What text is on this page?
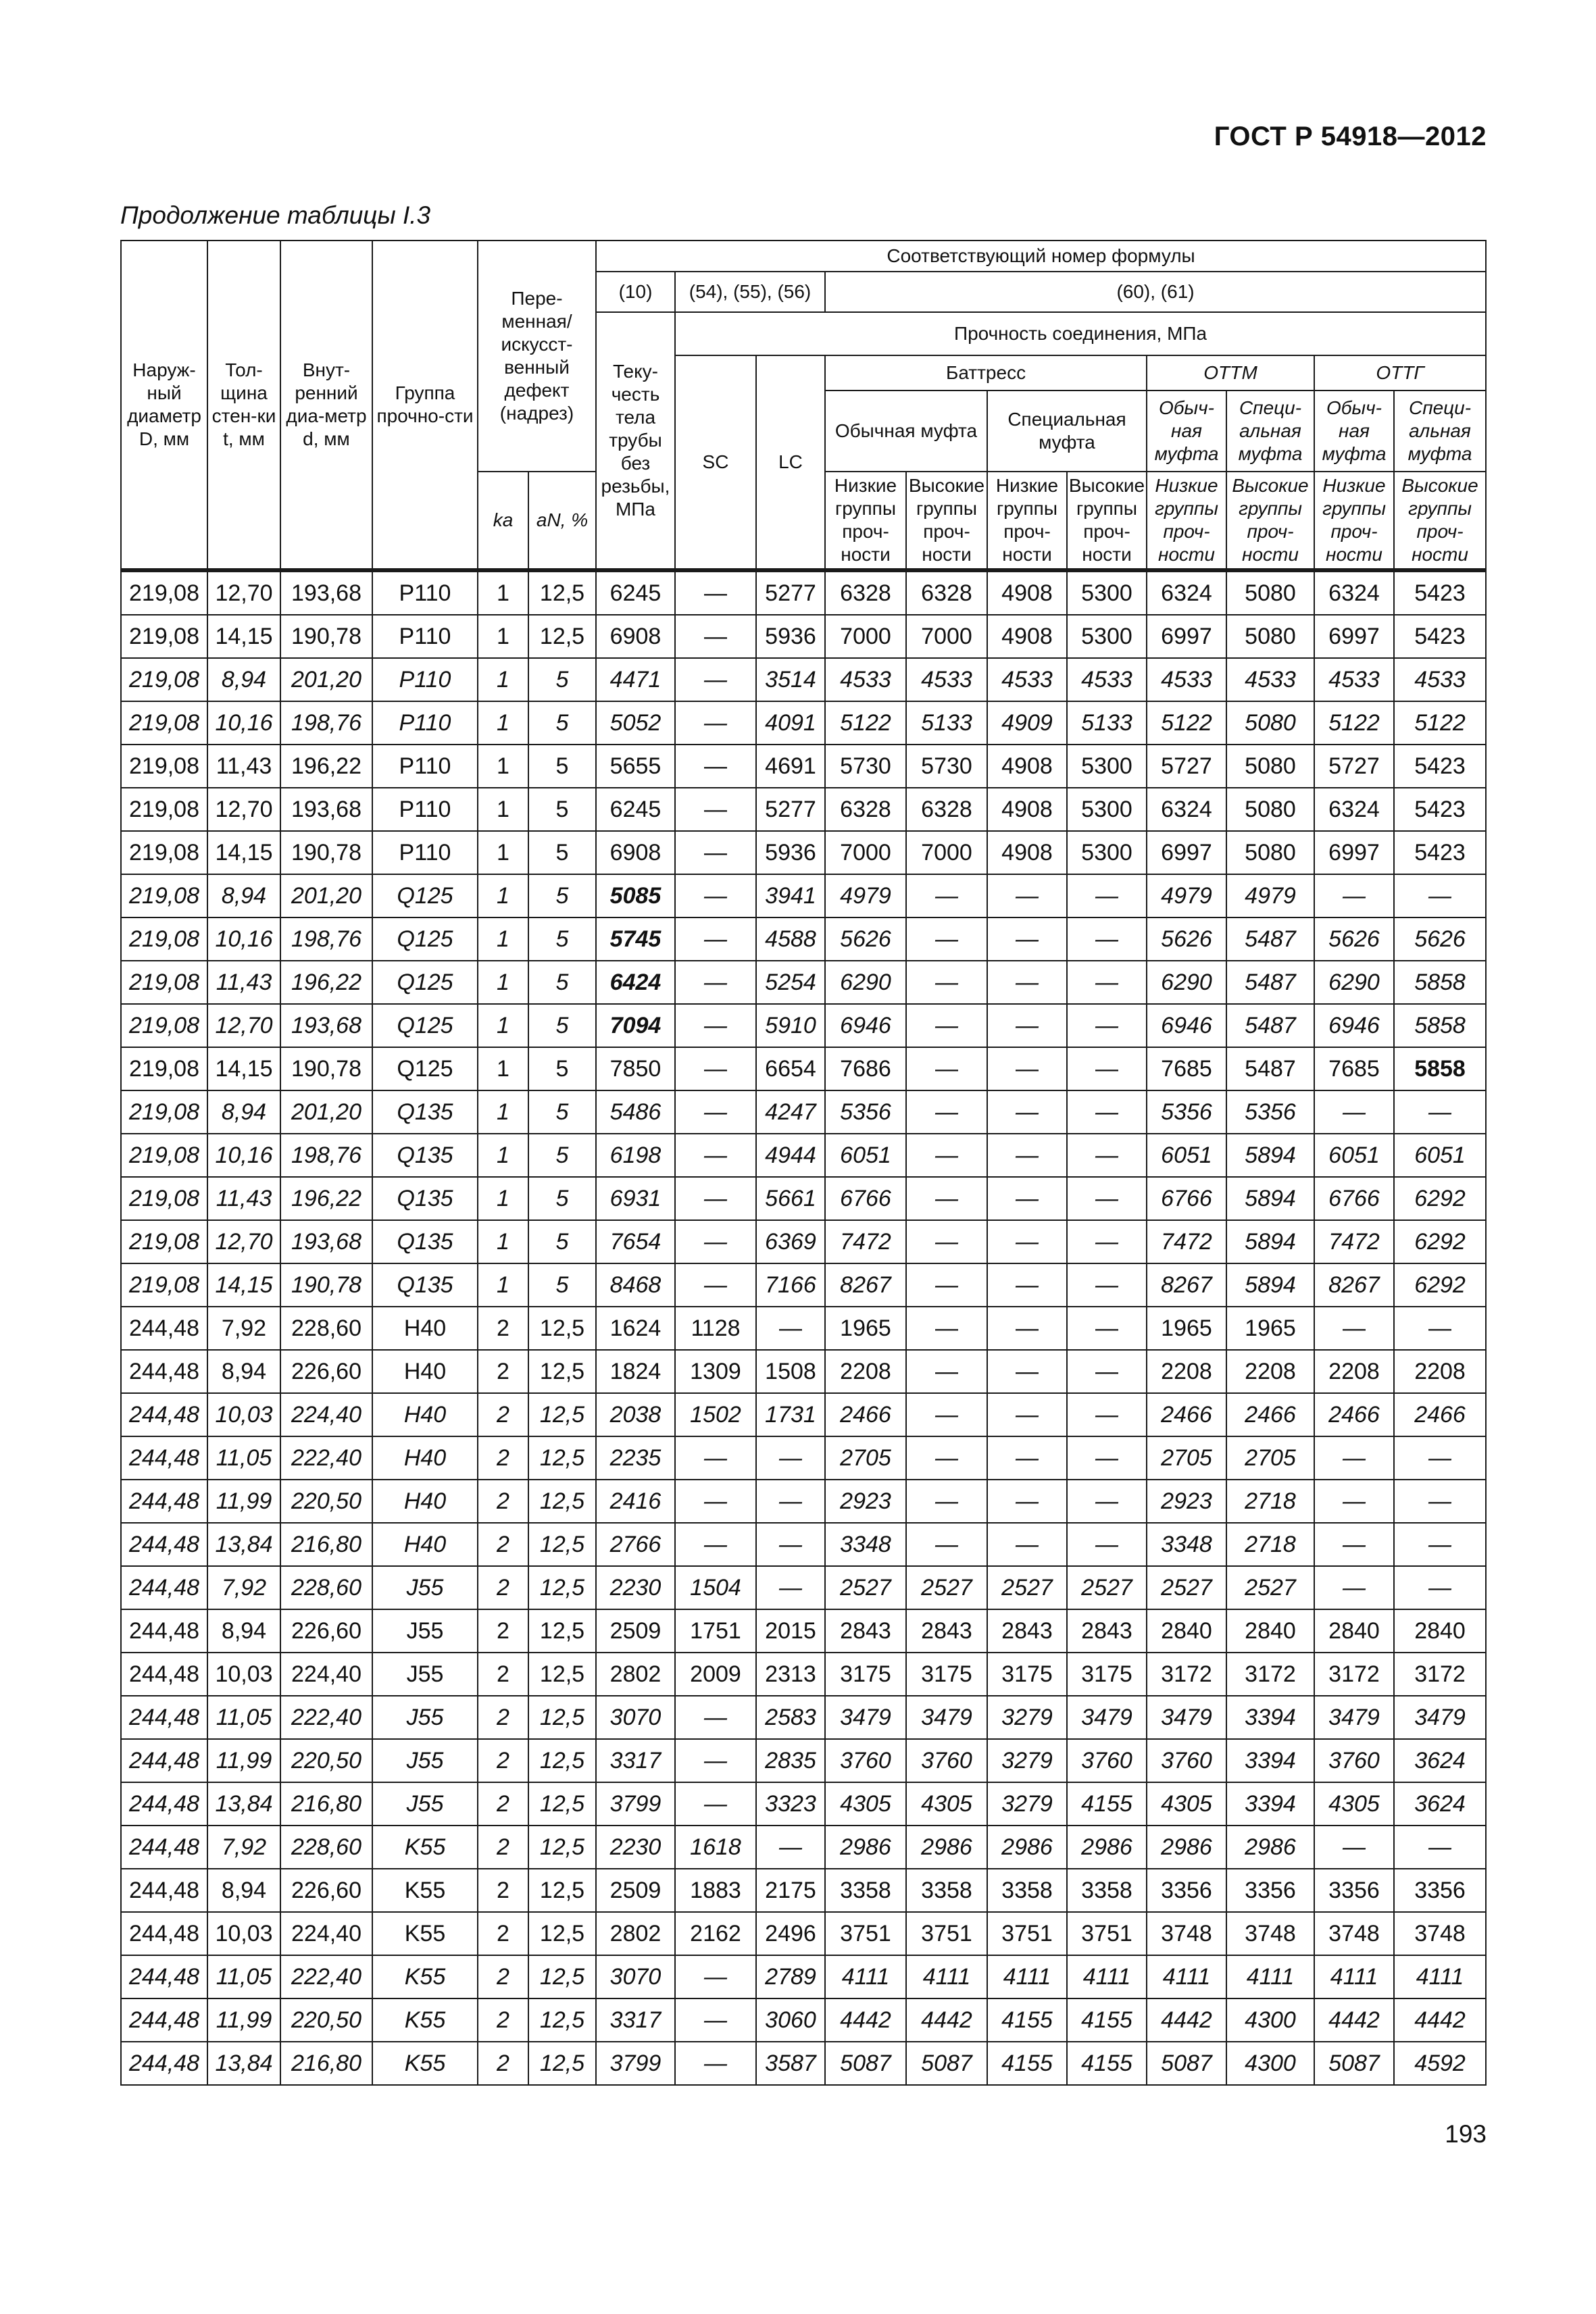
ГОСТ Р 54918—2012
Продолжение таблицы I.3
Наруж-ный диаметр D, мм	Тол-щина стен-ки t, мм	Внут-ренний диа-метр d, мм	Группа прочно-сти	Пере-менная/ искусст-венный дефект (надрез)		Соответствующий номер формулы										
						(10)	(54), (55), (56)		(60), (61)							
						Теку-честь тела трубы без резьбы, МПа	Прочность соединения, МПа									
							SC	LC	Баттресс				ОТТМ		ОТТГ	
									Обычная муфта		Специальная муфта		Обыч-ная муфта	Специ-альная муфта	Обыч-ная муфта	Специ-альная муфта
				ka	aN, %				Низкие группы проч-ности	Высокие группы проч-ности	Низкие группы проч-ности	Высокие группы проч-ности	Низкие группы проч-ности	Высокие группы проч-ности	Низкие группы проч-ности	Высокие группы проч-ности
219,08	12,70	193,68	P110	1	12,5	6245	—	5277	6328	6328	4908	5300	6324	5080	6324	5423
219,08	14,15	190,78	P110	1	12,5	6908	—	5936	7000	7000	4908	5300	6997	5080	6997	5423
219,08	8,94	201,20	P110	1	5	4471	—	3514	4533	4533	4533	4533	4533	4533	4533	4533
219,08	10,16	198,76	P110	1	5	5052	—	4091	5122	5133	4909	5133	5122	5080	5122	5122
219,08	11,43	196,22	P110	1	5	5655	—	4691	5730	5730	4908	5300	5727	5080	5727	5423
219,08	12,70	193,68	P110	1	5	6245	—	5277	6328	6328	4908	5300	6324	5080	6324	5423
219,08	14,15	190,78	P110	1	5	6908	—	5936	7000	7000	4908	5300	6997	5080	6997	5423
219,08	8,94	201,20	Q125	1	5	5085	—	3941	4979	—	—	—	4979	4979	—	—
219,08	10,16	198,76	Q125	1	5	5745	—	4588	5626	—	—	—	5626	5487	5626	5626
219,08	11,43	196,22	Q125	1	5	6424	—	5254	6290	—	—	—	6290	5487	6290	5858
219,08	12,70	193,68	Q125	1	5	7094	—	5910	6946	—	—	—	6946	5487	6946	5858
219,08	14,15	190,78	Q125	1	5	7850	—	6654	7686	—	—	—	7685	5487	7685	5858
219,08	8,94	201,20	Q135	1	5	5486	—	4247	5356	—	—	—	5356	5356	—	—
219,08	10,16	198,76	Q135	1	5	6198	—	4944	6051	—	—	—	6051	5894	6051	6051
219,08	11,43	196,22	Q135	1	5	6931	—	5661	6766	—	—	—	6766	5894	6766	6292
219,08	12,70	193,68	Q135	1	5	7654	—	6369	7472	—	—	—	7472	5894	7472	6292
219,08	14,15	190,78	Q135	1	5	8468	—	7166	8267	—	—	—	8267	5894	8267	6292
244,48	7,92	228,60	H40	2	12,5	1624	1128	—	1965	—	—	—	1965	1965	—	—
244,48	8,94	226,60	H40	2	12,5	1824	1309	1508	2208	—	—	—	2208	2208	2208	2208
244,48	10,03	224,40	H40	2	12,5	2038	1502	1731	2466	—	—	—	2466	2466	2466	2466
244,48	11,05	222,40	H40	2	12,5	2235	—	—	2705	—	—	—	2705	2705	—	—
244,48	11,99	220,50	H40	2	12,5	2416	—	—	2923	—	—	—	2923	2718	—	—
244,48	13,84	216,80	H40	2	12,5	2766	—	—	3348	—	—	—	3348	2718	—	—
244,48	7,92	228,60	J55	2	12,5	2230	1504	—	2527	2527	2527	2527	2527	2527	—	—
244,48	8,94	226,60	J55	2	12,5	2509	1751	2015	2843	2843	2843	2843	2840	2840	2840	2840
244,48	10,03	224,40	J55	2	12,5	2802	2009	2313	3175	3175	3175	3175	3172	3172	3172	3172
244,48	11,05	222,40	J55	2	12,5	3070	—	2583	3479	3479	3279	3479	3479	3394	3479	3479
244,48	11,99	220,50	J55	2	12,5	3317	—	2835	3760	3760	3279	3760	3760	3394	3760	3624
244,48	13,84	216,80	J55	2	12,5	3799	—	3323	4305	4305	3279	4155	4305	3394	4305	3624
244,48	7,92	228,60	K55	2	12,5	2230	1618	—	2986	2986	2986	2986	2986	2986	—	—
244,48	8,94	226,60	K55	2	12,5	2509	1883	2175	3358	3358	3358	3358	3356	3356	3356	3356
244,48	10,03	224,40	K55	2	12,5	2802	2162	2496	3751	3751	3751	3751	3748	3748	3748	3748
244,48	11,05	222,40	K55	2	12,5	3070	—	2789	4111	4111	4111	4111	4111	4111	4111	4111
244,48	11,99	220,50	K55	2	12,5	3317	—	3060	4442	4442	4155	4155	4442	4300	4442	4442
244,48	13,84	216,80	K55	2	12,5	3799	—	3587	5087	5087	4155	4155	5087	4300	5087	4592
193
